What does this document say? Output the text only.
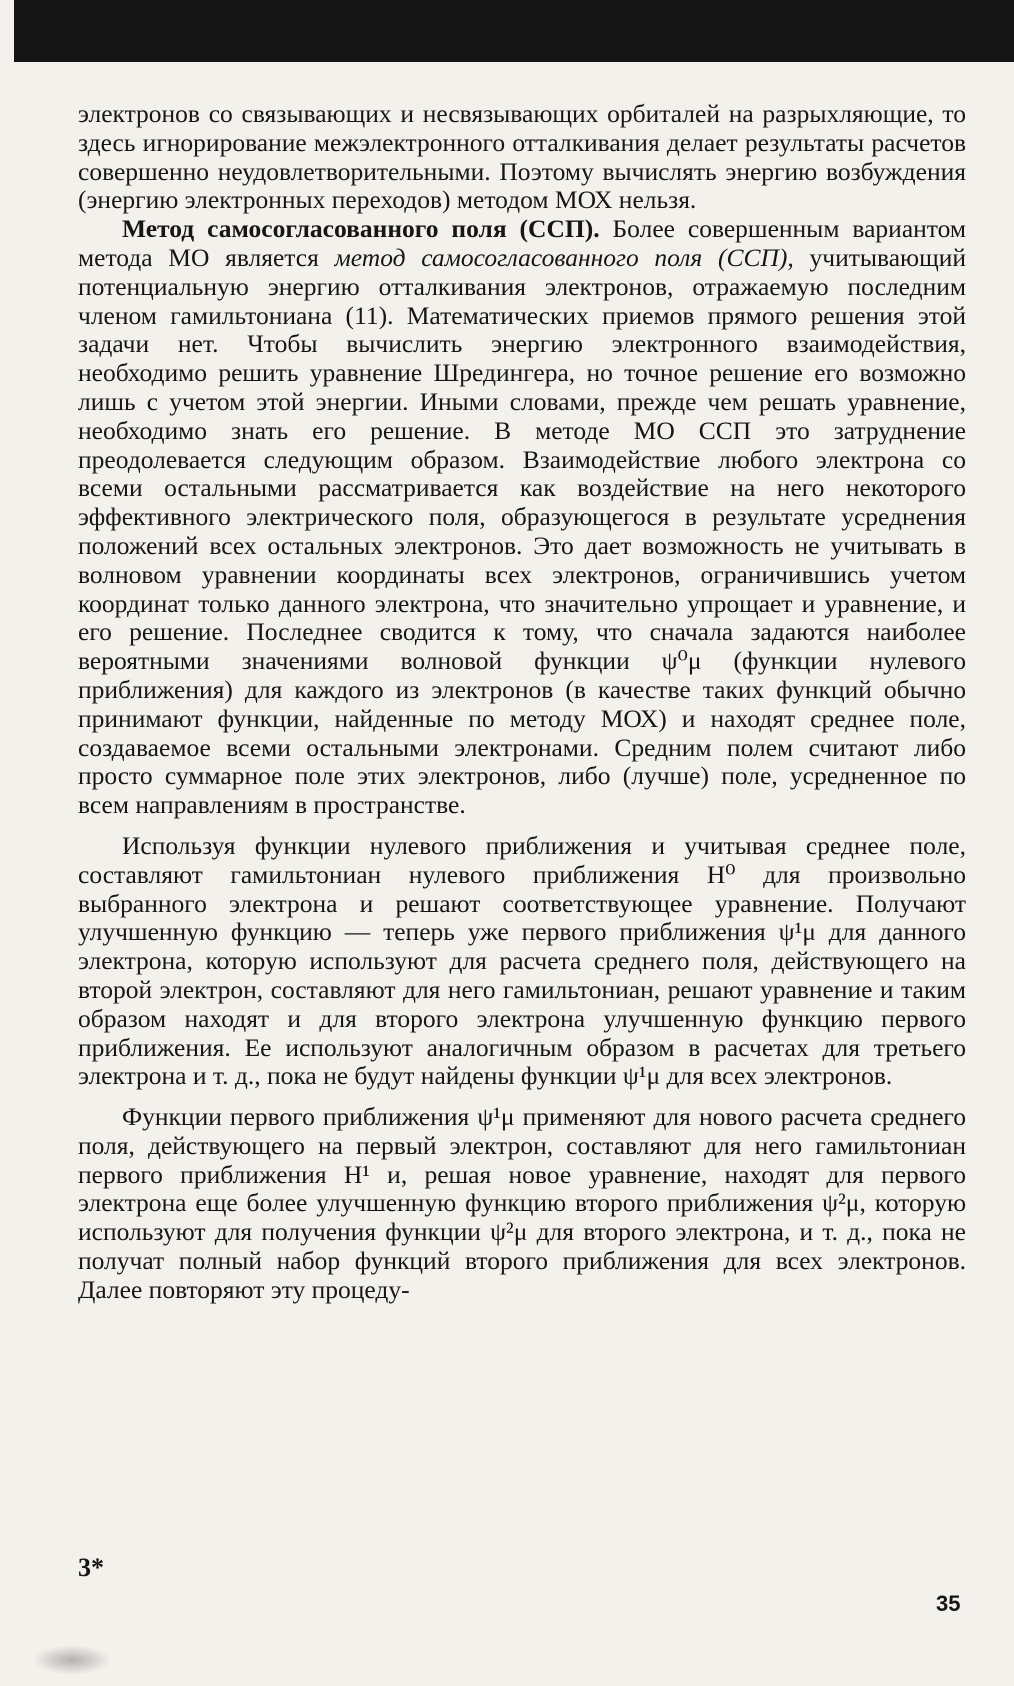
электронов со связывающих и несвязывающих орбиталей на разрыхляющие, то здесь игнорирование межэлектронного отталкивания делает результаты расчетов совершенно неудовлетворительными. Поэтому вычислять энергию возбуждения (энергию электронных переходов) методом МОХ нельзя.

Метод самосогласованного поля (ССП). Более совершенным вариантом метода МО является метод самосогласованного поля (ССП), учитывающий потенциальную энергию отталкивания электронов, отражаемую последним членом гамильтониана (11). Математических приемов прямого решения этой задачи нет. Чтобы вычислить энергию электронного взаимодействия, необходимо решить уравнение Шредингера, но точное решение его возможно лишь с учетом этой энергии. Иными словами, прежде чем решать уравнение, необходимо знать его решение. В методе МО ССП это затруднение преодолевается следующим образом. Взаимодействие любого электрона со всеми остальными рассматривается как воздействие на него некоторого эффективного электрического поля, образующегося в результате усреднения положений всех остальных электронов. Это дает возможность не учитывать в волновом уравнении координаты всех электронов, ограничившись учетом координат только данного электрона, что значительно упрощает и уравнение, и его решение. Последнее сводится к тому, что сначала задаются наиболее вероятными значениями волновой функции ψ⁰μ (функции нулевого приближения) для каждого из электронов (в качестве таких функций обычно принимают функции, найденные по методу МОХ) и находят среднее поле, создаваемое всеми остальными электронами. Средним полем считают либо просто суммарное поле этих электронов, либо (лучше) поле, усредненное по всем направлениям в пространстве.

Используя функции нулевого приближения и учитывая среднее поле, составляют гамильтониан нулевого приближения H⁰ для произвольно выбранного электрона и решают соответствующее уравнение. Получают улучшенную функцию — теперь уже первого приближения ψ¹μ для данного электрона, которую используют для расчета среднего поля, действующего на второй электрон, составляют для него гамильтониан, решают уравнение и таким образом находят и для второго электрона улучшенную функцию первого приближения. Ее используют аналогичным образом в расчетах для третьего электрона и т. д., пока не будут найдены функции ψ¹μ для всех электронов.

Функции первого приближения ψ¹μ применяют для нового расчета среднего поля, действующего на первый электрон, составляют для него гамильтониан первого приближения H¹ и, решая новое уравнение, находят для первого электрона еще более улучшенную функцию второго приближения ψ²μ, которую используют для получения функции ψ²μ для второго электрона, и т. д., пока не получат полный набор функций второго приближения для всех электронов. Далее повторяют эту процеду-

3*
35
